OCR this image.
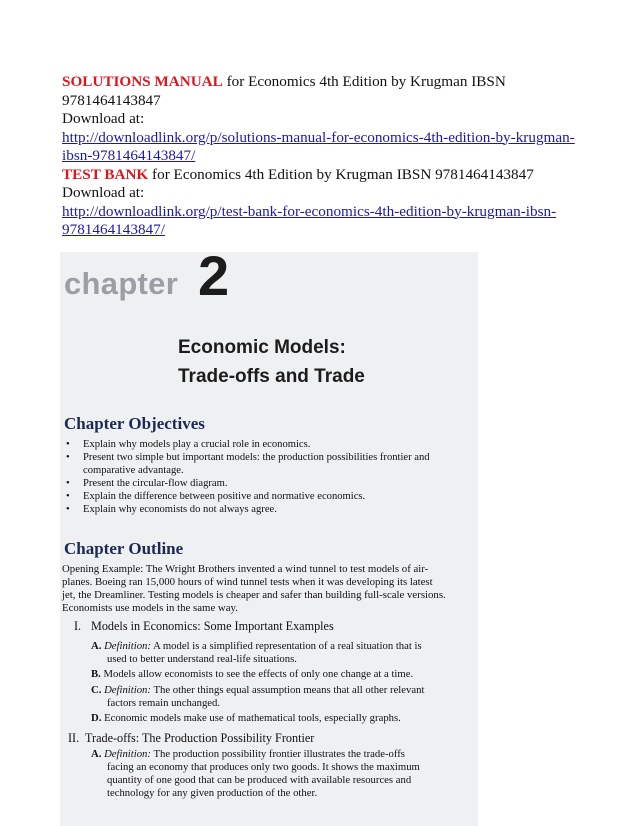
SOLUTIONS MANUAL for Economics 4th Edition by Krugman IBSN
9781464143847
Download at:
http://downloadlink.org/p/solutions-manual-for-economics-4th-edition-by-krugman-
ibsn-9781464143847/
TEST BANK for Economics 4th Edition by Krugman IBSN 9781464143847
Download at:
http://downloadlink.org/p/test-bank-for-economics-4th-edition-by-krugman-ibsn-
9781464143847/
chapter 2
Economic Models:
Trade-offs and Trade
Chapter Objectives
• Explain why models play a crucial role in economics.
• Present two simple but important models: the production possibilities frontier and
comparative advantage.
• Present the circular-flow diagram.
• Explain the difference between positive and normative economics.
• Explain why economists do not always agree.
Chapter Outline
Opening Example: The Wright Brothers invented a wind tunnel to test models of air-
planes. Boeing ran 15,000 hours of wind tunnel tests when it was developing its latest
jet, the Dreamliner. Testing models is cheaper and safer than building full-scale versions.
Economists use models in the same way.
I. Models in Economics: Some Important Examples
A. Definition: A model is a simplified representation of a real situation that is
used to better understand real-life situations.
B. Models allow economists to see the effects of only one change at a time.
C. Definition: The other things equal assumption means that all other relevant
factors remain unchanged.
D. Economic models make use of mathematical tools, especially graphs.
II. Trade-offs: The Production Possibility Frontier
A. Definition: The production possibility frontier illustrates the trade-offs
facing an economy that produces only two goods. It shows the maximum
quantity of one good that can be produced with available resources and
technology for any given production of the other.
